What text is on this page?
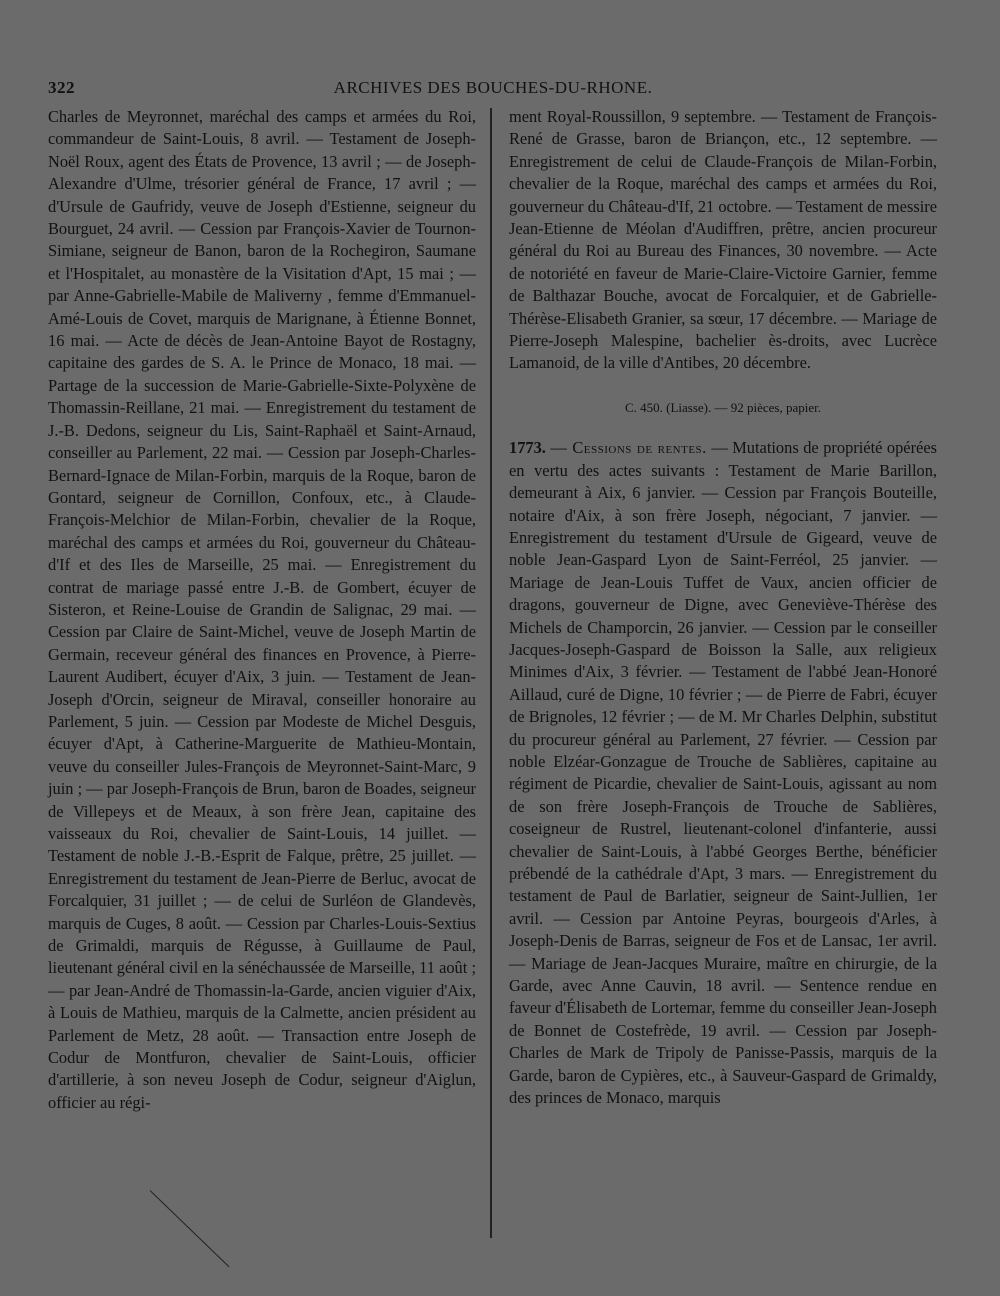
322	ARCHIVES DES BOUCHES-DU-RHONE.

Charles de Meyronnet, maréchal des camps et armées du Roi, commandeur de Saint-Louis, 8 avril. — Testament de Joseph-Noël Roux, agent des États de Provence, 13 avril ; — de Joseph-Alexandre d'Ulme, trésorier général de France, 17 avril ; — d'Ursule de Gaufridy, veuve de Joseph d'Estienne, seigneur du Bourguet, 24 avril. — Cession par François-Xavier de Tournon-Simiane, seigneur de Banon, baron de la Rochegiron, Saumane et l'Hospitalet, au monastère de la Visitation d'Apt, 15 mai ; — par Anne-Gabrielle-Mabile de Maliverny , femme d'Emmanuel-Amé-Louis de Covet, marquis de Marignane, à Étienne Bonnet, 16 mai. — Acte de décès de Jean-Antoine Bayot de Rostagny, capitaine des gardes de S. A. le Prince de Monaco, 18 mai. — Partage de la succession de Marie-Gabrielle-Sixte-Polyxène de Thomassin-Reillane, 21 mai. — Enregistrement du testament de J.-B. Dedons, seigneur du Lis, Saint-Raphaël et Saint-Arnaud, conseiller au Parlement, 22 mai. — Cession par Joseph-Charles-Bernard-Ignace de Milan-Forbin, marquis de la Roque, baron de Gontard, seigneur de Cornillon, Confoux, etc., à Claude-François-Melchior de Milan-Forbin, chevalier de la Roque, maréchal des camps et armées du Roi, gouverneur du Château-d'If et des Iles de Marseille, 25 mai. — Enregistrement du contrat de mariage passé entre J.-B. de Gombert, écuyer de Sisteron, et Reine-Louise de Grandin de Salignac, 29 mai. — Cession par Claire de Saint-Michel, veuve de Joseph Martin de Germain, receveur général des finances en Provence, à Pierre-Laurent Audibert, écuyer d'Aix, 3 juin. — Testament de Jean-Joseph d'Orcin, seigneur de Miraval, conseiller honoraire au Parlement, 5 juin. — Cession par Modeste de Michel Desguis, écuyer d'Apt, à Catherine-Marguerite de Mathieu-Montain, veuve du conseiller Jules-François de Meyronnet-Saint-Marc, 9 juin ; — par Joseph-François de Brun, baron de Boades, seigneur de Villepeys et de Meaux, à son frère Jean, capitaine des vaisseaux du Roi, chevalier de Saint-Louis, 14 juillet. — Testament de noble J.-B.-Esprit de Falque, prêtre, 25 juillet. — Enregistrement du testament de Jean-Pierre de Berluc, avocat de Forcalquier, 31 juillet ; — de celui de Surléon de Glandevès, marquis de Cuges, 8 août. — Cession par Charles-Louis-Sextius de Grimaldi, marquis de Régusse, à Guillaume de Paul, lieutenant général civil en la sénéchaussée de Marseille, 11 août ; — par Jean-André de Thomassin-la-Garde, ancien viguier d'Aix, à Louis de Mathieu, marquis de la Calmette, ancien président au Parlement de Metz, 28 août. — Transaction entre Joseph de Codur de Montfuron, chevalier de Saint-Louis, officier d'artillerie, à son neveu Joseph de Codur, seigneur d'Aiglun, officier au régi-

ment Royal-Roussillon, 9 septembre. — Testament de François-René de Grasse, baron de Briançon, etc., 12 septembre. — Enregistrement de celui de Claude-François de Milan-Forbin, chevalier de la Roque, maréchal des camps et armées du Roi, gouverneur du Château-d'If, 21 octobre. — Testament de messire Jean-Etienne de Méolan d'Audiffren, prêtre, ancien procureur général du Roi au Bureau des Finances, 30 novembre. — Acte de notoriété en faveur de Marie-Claire-Victoire Garnier, femme de Balthazar Bouche, avocat de Forcalquier, et de Gabrielle-Thérèse-Elisabeth Granier, sa sœur, 17 décembre. — Mariage de Pierre-Joseph Malespine, bachelier ès-droits, avec Lucrèce Lamanoid, de la ville d'Antibes, 20 décembre.

C. 450. (Liasse). — 92 pièces, papier.

1773. — Cessions de rentes. — Mutations de propriété opérées en vertu des actes suivants : Testament de Marie Barillon, demeurant à Aix, 6 janvier. — Cession par François Bouteille, notaire d'Aix, à son frère Joseph, négociant, 7 janvier. — Enregistrement du testament d'Ursule de Gigeard, veuve de noble Jean-Gaspard Lyon de Saint-Ferréol, 25 janvier. — Mariage de Jean-Louis Tuffet de Vaux, ancien officier de dragons, gouverneur de Digne, avec Geneviève-Thérèse des Michels de Champorcin, 26 janvier. — Cession par le conseiller Jacques-Joseph-Gaspard de Boisson la Salle, aux religieux Minimes d'Aix, 3 février. — Testament de l'abbé Jean-Honoré Aillaud, curé de Digne, 10 février ; — de Pierre de Fabri, écuyer de Brignoles, 12 février ; — de M. Mr Charles Delphin, substitut du procureur général au Parlement, 27 février. — Cession par noble Elzéar-Gonzague de Trouche de Sablières, capitaine au régiment de Picardie, chevalier de Saint-Louis, agissant au nom de son frère Joseph-François de Trouche de Sablières, coseigneur de Rustrel, lieutenant-colonel d'infanterie, aussi chevalier de Saint-Louis, à l'abbé Georges Berthe, bénéficier prébendé de la cathédrale d'Apt, 3 mars. — Enregistrement du testament de Paul de Barlatier, seigneur de Saint-Jullien, 1er avril. — Cession par Antoine Peyras, bourgeois d'Arles, à Joseph-Denis de Barras, seigneur de Fos et de Lansac, 1er avril. — Mariage de Jean-Jacques Muraire, maître en chirurgie, de la Garde, avec Anne Cauvin, 18 avril. — Sentence rendue en faveur d'Élisabeth de Lortemar, femme du conseiller Jean-Joseph de Bonnet de Costefrède, 19 avril. — Cession par Joseph-Charles de Mark de Tripoly de Panisse-Passis, marquis de la Garde, baron de Cypières, etc., à Sauveur-Gaspard de Grimaldy, des princes de Monaco, marquis
